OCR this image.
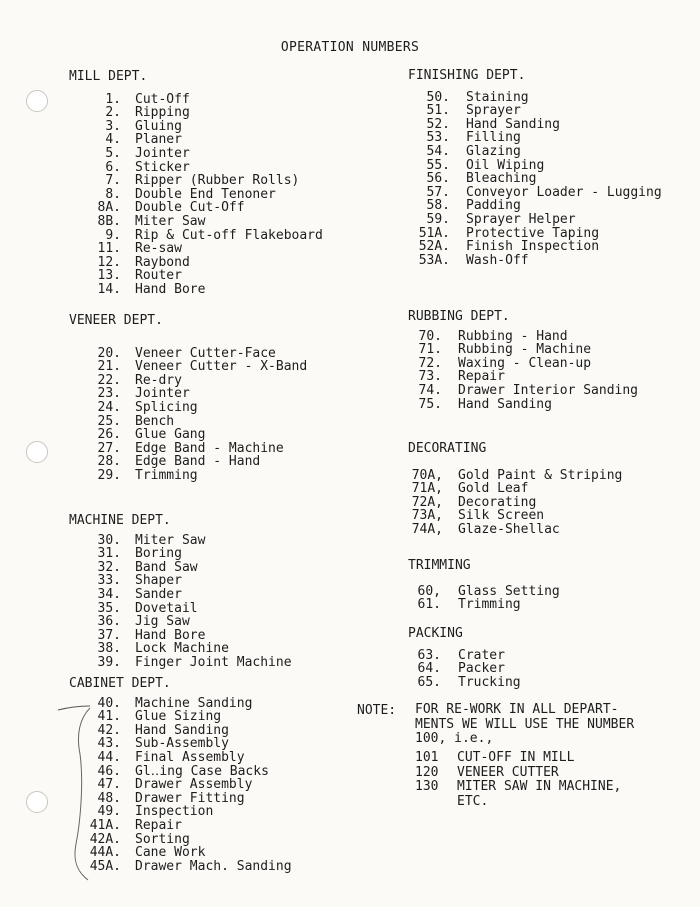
OPERATION NUMBERS
MILL DEPT.
1. Cut-Off
2. Ripping
3. Gluing
4. Planer
5. Jointer
6. Sticker
7. Ripper (Rubber Rolls)
8. Double End Tenoner
8A. Double Cut-Off
8B. Miter Saw
9. Rip & Cut-off Flakeboard
11. Re-saw
12. Raybond
13. Router
14. Hand Bore
VENEER DEPT.
20. Veneer Cutter-Face
21. Veneer Cutter - X-Band
22. Re-dry
23. Jointer
24. Splicing
25. Bench
26. Glue Gang
27. Edge Band - Machine
28. Edge Band - Hand
29. Trimming
MACHINE DEPT.
30. Miter Saw
31. Boring
32. Band Saw
33. Shaper
34. Sander
35. Dovetail
36. Jig Saw
37. Hand Bore
38. Lock Machine
39. Finger Joint Machine
CABINET DEPT.
40. Machine Sanding
41. Glue Sizing
42. Hand Sanding
43. Sub-Assembly
44. Final Assembly
46. Gl‥ing Case Backs
47. Drawer Assembly
48. Drawer Fitting
49. Inspection
41A. Repair
42A. Sorting
44A. Cane Work
45A. Drawer Mach. Sanding
FINISHING DEPT.
50. Staining
51. Sprayer
52. Hand Sanding
53. Filling
54. Glazing
55. Oil Wiping
56. Bleaching
57. Conveyor Loader - Lugging
58. Padding
59. Sprayer Helper
51A. Protective Taping
52A. Finish Inspection
53A. Wash-Off
RUBBING DEPT.
70. Rubbing - Hand
71. Rubbing - Machine
72. Waxing - Clean-up
73. Repair
74. Drawer Interior Sanding
75. Hand Sanding
DECORATING
70A, Gold Paint & Striping
71A, Gold Leaf
72A, Decorating
73A, Silk Screen
74A, Glaze-Shellac
TRIMMING
60, Glass Setting
61. Trimming
PACKING
63. Crater
64. Packer
65. Trucking
NOTE: FOR RE-WORK IN ALL DEPART-
MENTS WE WILL USE THE NUMBER
100, i.e.,
101	CUT-OFF IN MILL
120	VENEER CUTTER
130	MITER SAW IN MACHINE,
ETC.
